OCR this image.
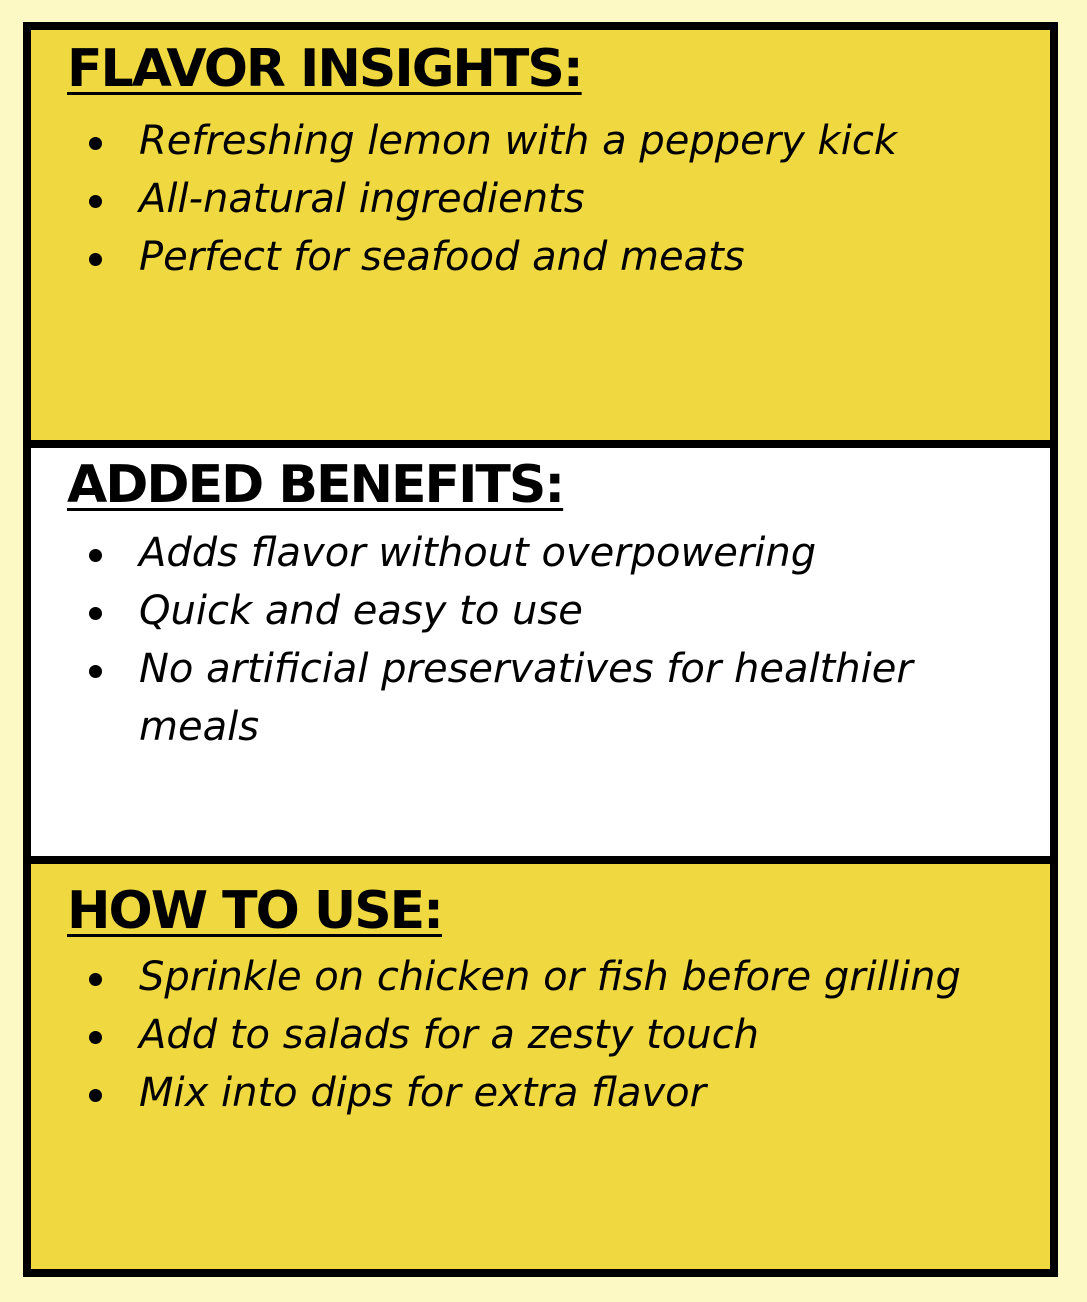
FLAVOR INSIGHTS:
Refreshing lemon with a peppery kick
All-natural ingredients
Perfect for seafood and meats
ADDED BENEFITS:
Adds flavor without overpowering
Quick and easy to use
No artificial preservatives for healthier meals
HOW TO USE:
Sprinkle on chicken or fish before grilling
Add to salads for a zesty touch
Mix into dips for extra flavor
